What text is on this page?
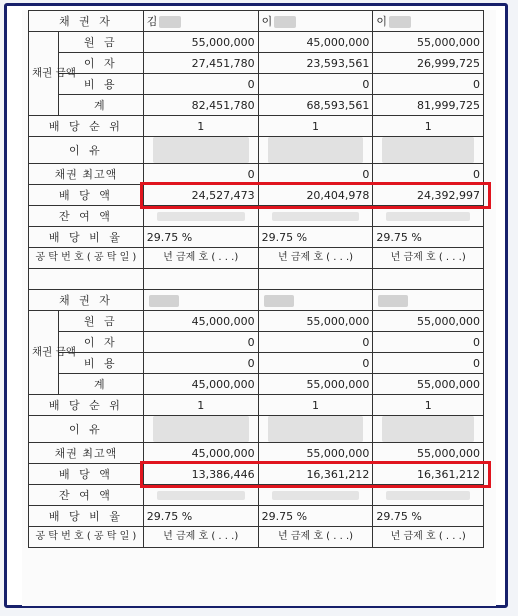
채 권 자		김	이	이
채권 금액	원 금	55,000,000	45,000,000	55,000,000
	이 자	27,451,780	23,593,561	26,999,725
	비 용	0	0	0
	계	82,451,780	68,593,561	81,999,725
배 당 순 위		1	1	1
이 유		

채권 최고액		0	0	0
배 당 액		24,527,473	20,404,978	24,392,997
잔 여 액		

배 당 비 율		29.75 %	29.75 %	29.75 %
공 탁 번 호 ( 공 탁 일 )		년 금제 호 ( . . .)	년 금제 호 ( . . .)	년 금제 호 ( . . .)

채 권 자				
채권 금액	원 금	45,000,000	55,000,000	55,000,000
	이 자	0	0	0
	비 용	0	0	0
	계	45,000,000	55,000,000	55,000,000
배 당 순 위		1	1	1
이 유		

채권 최고액		45,000,000	55,000,000	55,000,000
배 당 액		13,386,446	16,361,212	16,361,212
잔 여 액		

배 당 비 율		29.75 %	29.75 %	29.75 %
공 탁 번 호 ( 공 탁 일 )		년 금제 호 ( . . .)	년 금제 호 ( . . .)	년 금제 호 ( . . .)
